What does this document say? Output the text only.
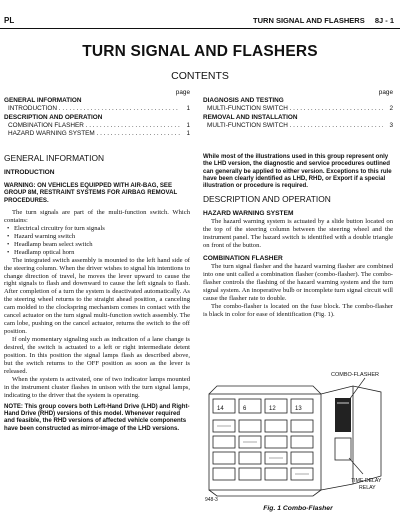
PL	TURN SIGNAL AND FLASHERS 8J - 1
TURN SIGNAL AND FLASHERS
CONTENTS
page
GENERAL INFORMATION
INTRODUCTION . . .	1
DESCRIPTION AND OPERATION
COMBINATION FLASHER . . .	1
HAZARD WARNING SYSTEM . . .	1
page
DIAGNOSIS AND TESTING
MULTI-FUNCTION SWITCH . . .	2
REMOVAL AND INSTALLATION
MULTI-FUNCTION SWITCH . . .	3
GENERAL INFORMATION
INTRODUCTION
WARNING: ON VEHICLES EQUIPPED WITH AIR-BAG, SEE GROUP 8M, RESTRAINT SYSTEMS FOR AIRBAG REMOVAL PROCEDURES.
The turn signals are part of the multi-function switch. Which contains:
• Electrical circuitry for turn signals
• Hazard warning switch
• Headlamp beam select switch
• Headlamp optical horn
The integrated switch assembly is mounted to the left hand side of the steering column. When the driver wishes to signal his intentions to change direction of travel, he moves the lever upward to cause the right signals to flash and downward to cause the left signals to flash. After completion of a turn the system is deactivated automatically. As the steering wheel returns to the straight ahead position, a canceling cam molded to the clockspring mechanism comes in contact with the cancel actuator on the turn signal multi-function switch assembly. The cam lobe, pushing on the cancel actuator, returns the switch to the off position.
If only momentary signaling such as indication of a lane change is desired, the switch is actuated to a left or right intermediate detent position. In this position the signal lamps flash as described above, but the switch returns to the OFF position as soon as the lever is released.
When the system is activated, one of two indicator lamps mounted in the instrument cluster flashes in unison with the turn signal lamps, indicating to the driver that the system is operating.
NOTE: This group covers both Left-Hand Drive (LHD) and Right-Hand Drive (RHD) versions of this model. Whenever required and feasible, the RHD versions of affected vehicle components have been constructed as mirror-image of the LHD versions.
While most of the illustrations used in this group represent only the LHD version, the diagnostic and service procedures outlined can generally be applied to either version. Exceptions to this rule have been clearly identified as LHD, RHD, or Export if a special illustration or procedure is required.
DESCRIPTION AND OPERATION
HAZARD WARNING SYSTEM
The hazard warning system is actuated by a slide button located on the top of the steering column between the steering wheel and the instrument panel. The hazard switch is identified with a double triangle on front of the button.
COMBINATION FLASHER
The turn signal flasher and the hazard warning flasher are combined into one unit called a combination flasher (combo-flasher). The combo- flasher controls the flashing of the hazard warning system and the turn signal system. An inoperative bulb or incomplete turn signal circuit will cause the flasher rate to double.
The combo-flasher is located on the fuse block. The combo-flasher is black in color for ease of identification (Fig. 1).
14	6	12	13
COMBO-FLASHER
TIME DELAY
RELAY
948-3
Fig. 1 Combo-Flasher
